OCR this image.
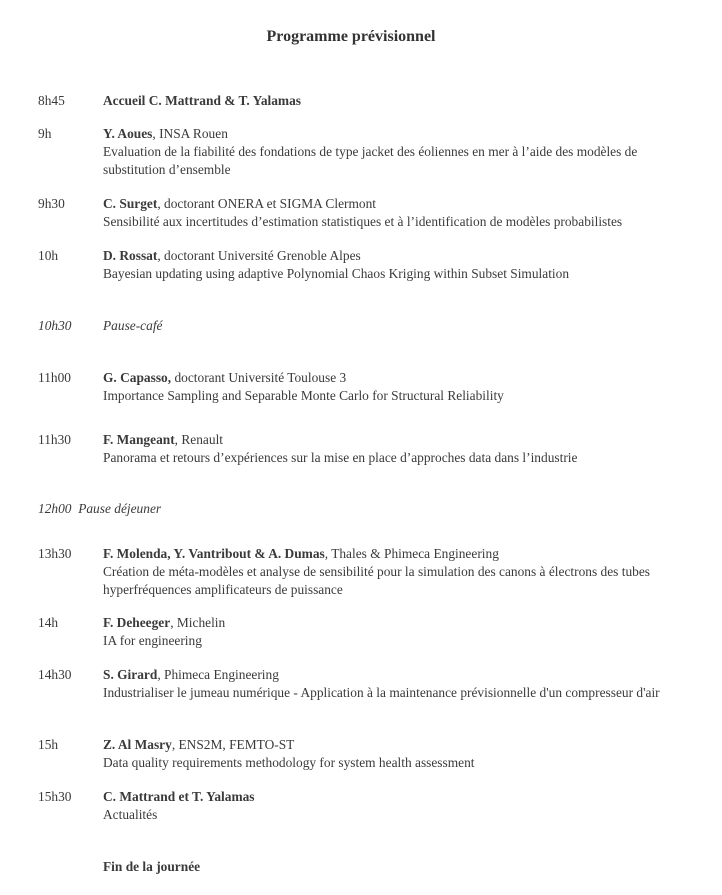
Programme prévisionnel
8h45	Accueil C. Mattrand & T. Yalamas
9h	Y. Aoues, INSA Rouen
Evaluation de la fiabilité des fondations de type jacket des éoliennes en mer à l’aide des modèles de substitution d’ensemble
9h30	C. Surget, doctorant ONERA et SIGMA Clermont
Sensibilité aux incertitudes d’estimation statistiques et à l’identification de modèles probabilistes
10h	D. Rossat, doctorant Université Grenoble Alpes
Bayesian updating using adaptive Polynomial Chaos Kriging within Subset Simulation
10h30	Pause-café
11h00	G. Capasso, doctorant Université Toulouse 3
Importance Sampling and Separable Monte Carlo for Structural Reliability
11h30	F. Mangeant, Renault
Panorama et retours d’expériences sur la mise en place d’approches data dans l’industrie
12h00 Pause déjeuner
13h30	F. Molenda, Y. Vantribout & A. Dumas, Thales & Phimeca Engineering
Création de méta-modèles et analyse de sensibilité pour la simulation des canons à électrons des tubes hyperfréquences amplificateurs de puissance
14h	F. Deheeger, Michelin
IA for engineering
14h30	S. Girard, Phimeca Engineering
Industrialiser le jumeau numérique - Application à la maintenance prévisionnelle d'un compresseur d'air
15h	Z. Al Masry, ENS2M, FEMTO-ST
Data quality requirements methodology for system health assessment
15h30	C. Mattrand et T. Yalamas
Actualités
Fin de la journée
